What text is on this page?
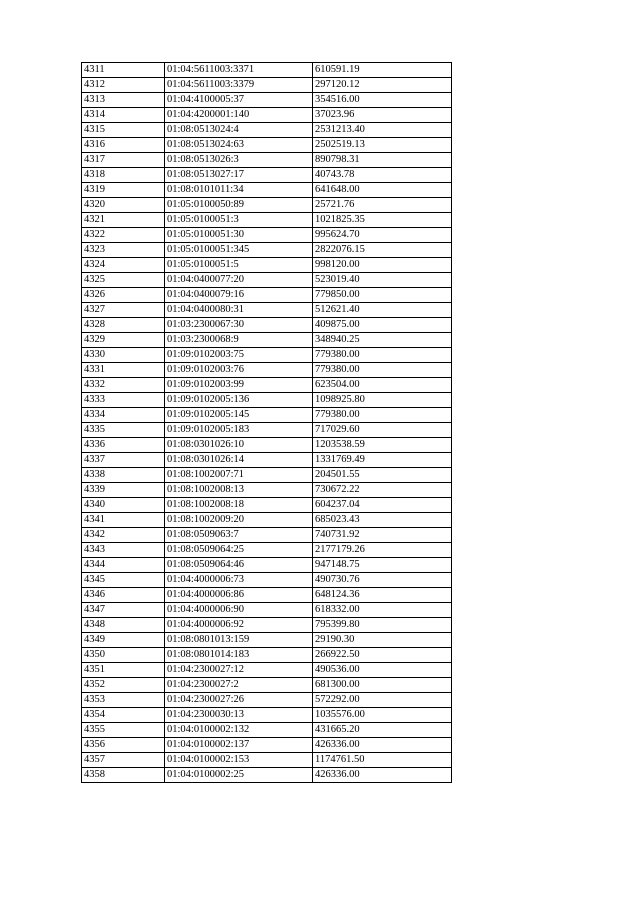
4311	01:04:5611003:3371	610591.19
4312	01:04:5611003:3379	297120.12
4313	01:04:4100005:37	354516.00
4314	01:04:4200001:140	37023.96
4315	01:08:0513024:4	2531213.40
4316	01:08:0513024:63	2502519.13
4317	01:08:0513026:3	890798.31
4318	01:08:0513027:17	40743.78
4319	01:08:0101011:34	641648.00
4320	01:05:0100050:89	25721.76
4321	01:05:0100051:3	1021825.35
4322	01:05:0100051:30	995624.70
4323	01:05:0100051:345	2822076.15
4324	01:05:0100051:5	998120.00
4325	01:04:0400077:20	523019.40
4326	01:04:0400079:16	779850.00
4327	01:04:0400080:31	512621.40
4328	01:03:2300067:30	409875.00
4329	01:03:2300068:9	348940.25
4330	01:09:0102003:75	779380.00
4331	01:09:0102003:76	779380.00
4332	01:09:0102003:99	623504.00
4333	01:09:0102005:136	1098925.80
4334	01:09:0102005:145	779380.00
4335	01:09:0102005:183	717029.60
4336	01:08:0301026:10	1203538.59
4337	01:08:0301026:14	1331769.49
4338	01:08:1002007:71	204501.55
4339	01:08:1002008:13	730672.22
4340	01:08:1002008:18	604237.04
4341	01:08:1002009:20	685023.43
4342	01:08:0509063:7	740731.92
4343	01:08:0509064:25	2177179.26
4344	01:08:0509064:46	947148.75
4345	01:04:4000006:73	490730.76
4346	01:04:4000006:86	648124.36
4347	01:04:4000006:90	618332.00
4348	01:04:4000006:92	795399.80
4349	01:08:0801013:159	29190.30
4350	01:08:0801014:183	266922.50
4351	01:04:2300027:12	490536.00
4352	01:04:2300027:2	681300.00
4353	01:04:2300027:26	572292.00
4354	01:04:2300030:13	1035576.00
4355	01:04:0100002:132	431665.20
4356	01:04:0100002:137	426336.00
4357	01:04:0100002:153	1174761.50
4358	01:04:0100002:25	426336.00
